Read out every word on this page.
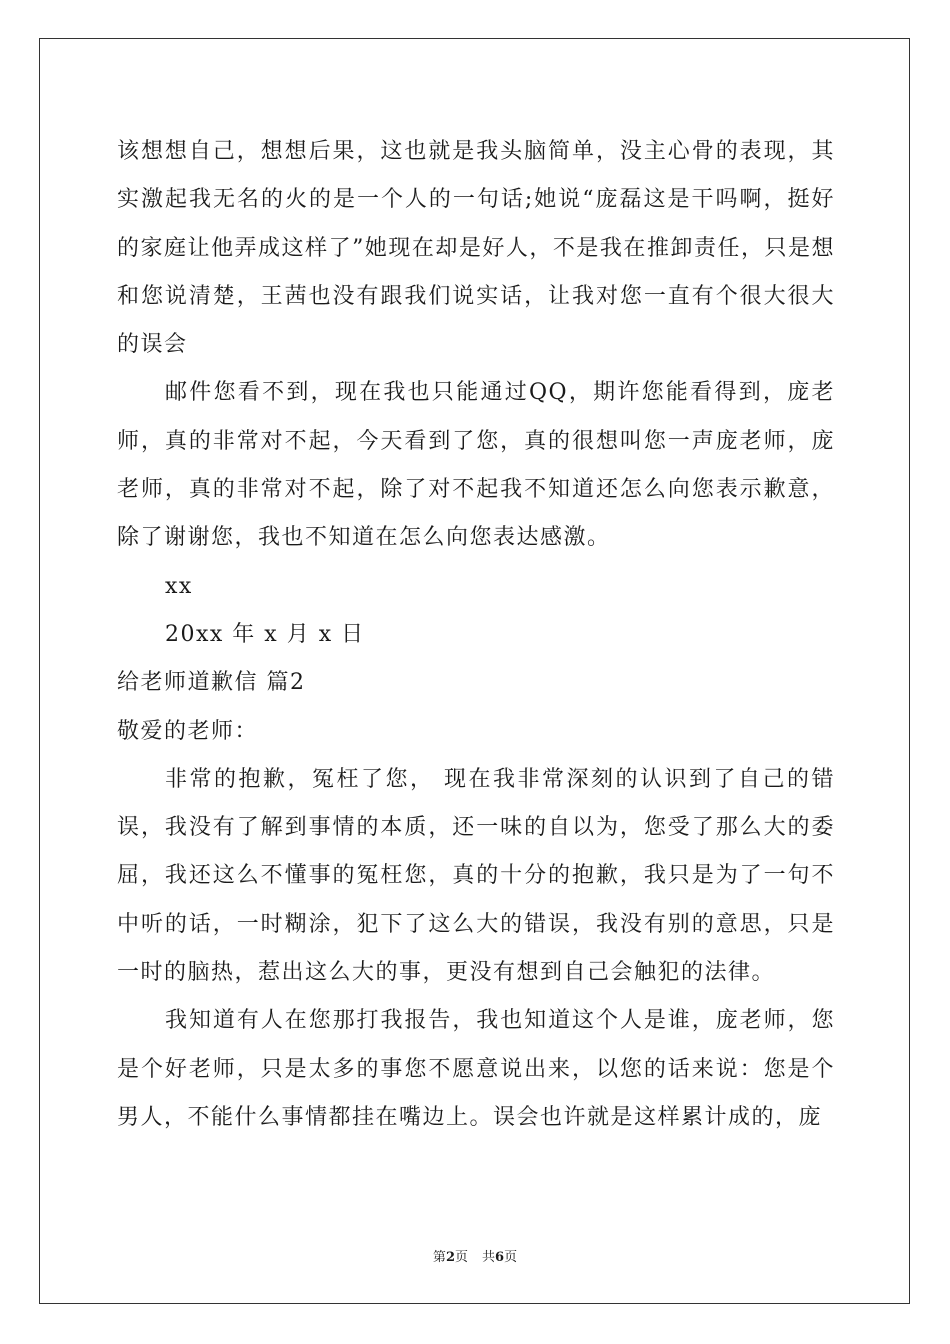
该想想自己，想想后果，这也就是我头脑简单，没主心骨的表现，其实激起我无名的火的是一个人的一句话;她说“庞磊这是干吗啊，挺好的家庭让他弄成这样了”她现在却是好人，不是我在推卸责任，只是想和您说清楚，王茜也没有跟我们说实话，让我对您一直有个很大很大的误会

邮件您看不到，现在我也只能通过QQ，期许您能看得到，庞老师，真的非常对不起，今天看到了您，真的很想叫您一声庞老师，庞老师，真的非常对不起，除了对不起我不知道还怎么向您表示歉意，除了谢谢您，我也不知道在怎么向您表达感激。

xx

20xx 年 x 月 x 日

给老师道歉信 篇2

敬爱的老师：

非常的抱歉，冤枉了您， 现在我非常深刻的认识到了自己的错误，我没有了解到事情的本质，还一味的自以为，您受了那么大的委屈，我还这么不懂事的冤枉您，真的十分的抱歉，我只是为了一句不中听的话，一时糊涂，犯下了这么大的错误，我没有别的意思，只是一时的脑热，惹出这么大的事，更没有想到自己会触犯的法律。

我知道有人在您那打我报告，我也知道这个人是谁，庞老师，您是个好老师，只是太多的事您不愿意说出来，以您的话来说：您是个男人，不能什么事情都挂在嘴边上。误会也许就是这样累计成的，庞

第2页 共6页
